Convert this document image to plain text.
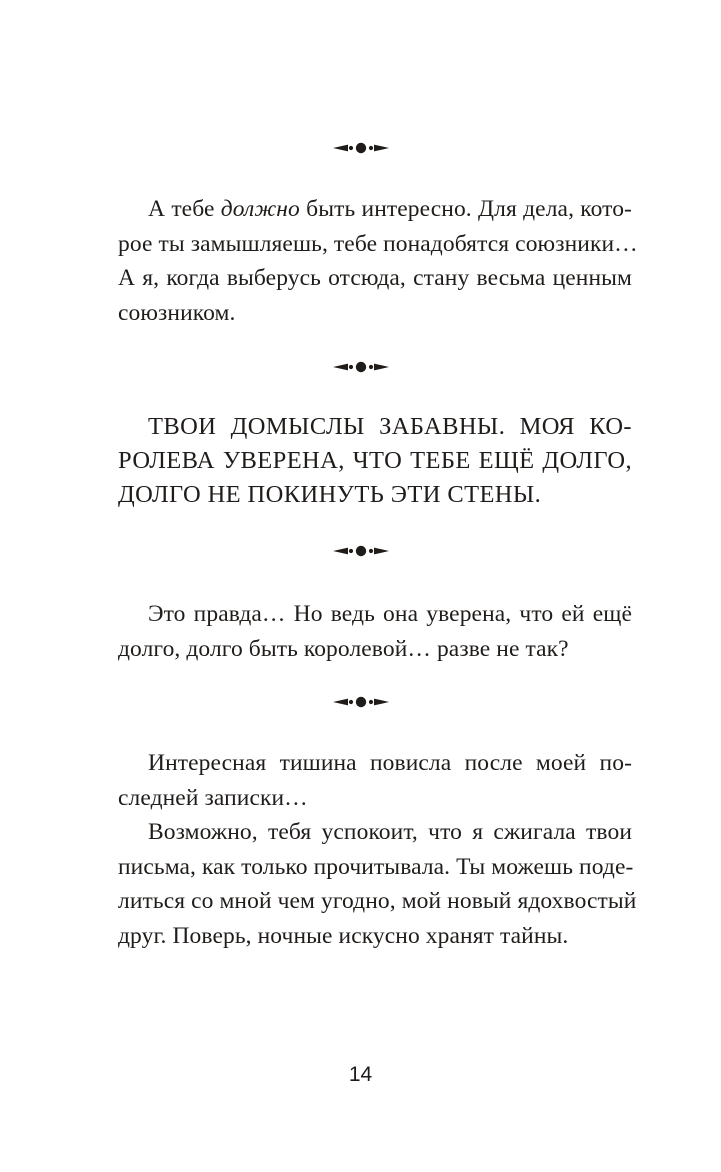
А тебе должно быть интересно. Для дела, кото-
рое ты замышляешь, тебе понадобятся союзники…
А я, когда выберусь отсюда, стану весьма ценным
союзником.
ТВОИ ДОМЫСЛЫ ЗАБАВНЫ. МОЯ КО-
РОЛЕВА УВЕРЕНА, ЧТО ТЕБЕ ЕЩЁ ДОЛГО,
ДОЛГО НЕ ПОКИНУТЬ ЭТИ СТЕНЫ.
Это правда… Но ведь она уверена, что ей ещё
долго, долго быть королевой… разве не так?
Интересная тишина повисла после моей по-
следней записки…
Возможно, тебя успокоит, что я сжигала твои
письма, как только прочитывала. Ты можешь поде-
литься со мной чем угодно, мой новый ядохвостый
друг. Поверь, ночные искусно хранят тайны.
14
